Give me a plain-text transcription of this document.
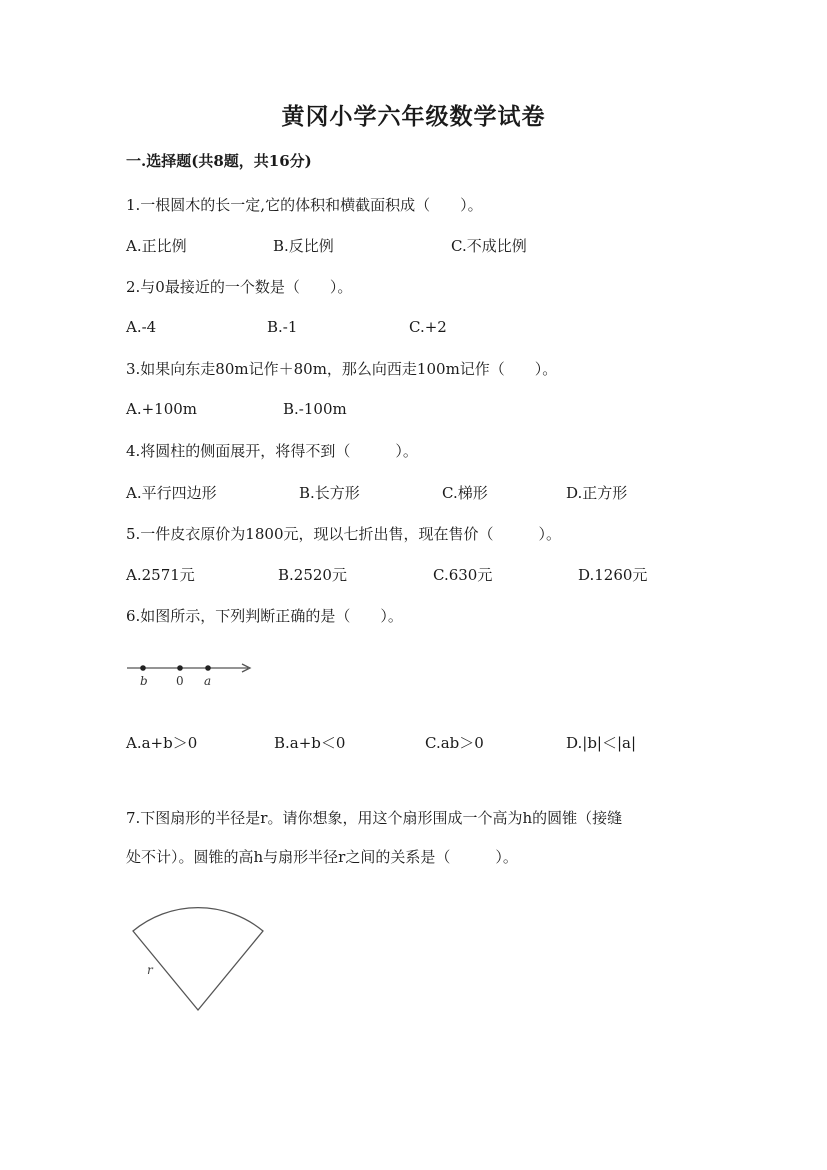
黄冈小学六年级数学试卷
一.选择题(共8题，共16分)
1.一根圆木的长一定,它的体积和横截面积成（　　）。
A.正比例	B.反比例	C.不成比例
2.与0最接近的一个数是（　　）。
A.-4	B.-1	C.+2
3.如果向东走80m记作＋80m，那么向西走100m记作（　　）。
A.+100m	B.-100m
4.将圆柱的侧面展开，将得不到（　　　）。
A.平行四边形	B.长方形	C.梯形	D.正方形
5.一件皮衣原价为1800元，现以七折出售，现在售价（　　　）。
A.2571元	B.2520元	C.630元	D.1260元
6.如图所示，下列判断正确的是（　　）。
b 0 a
A.a+b＞0	B.a+b＜0	C.ab＞0	D.|b|＜|a|
7.下图扇形的半径是r。请你想象，用这个扇形围成一个高为h的圆锥（接缝
处不计）。圆锥的高h与扇形半径r之间的关系是（　　　）。
r
